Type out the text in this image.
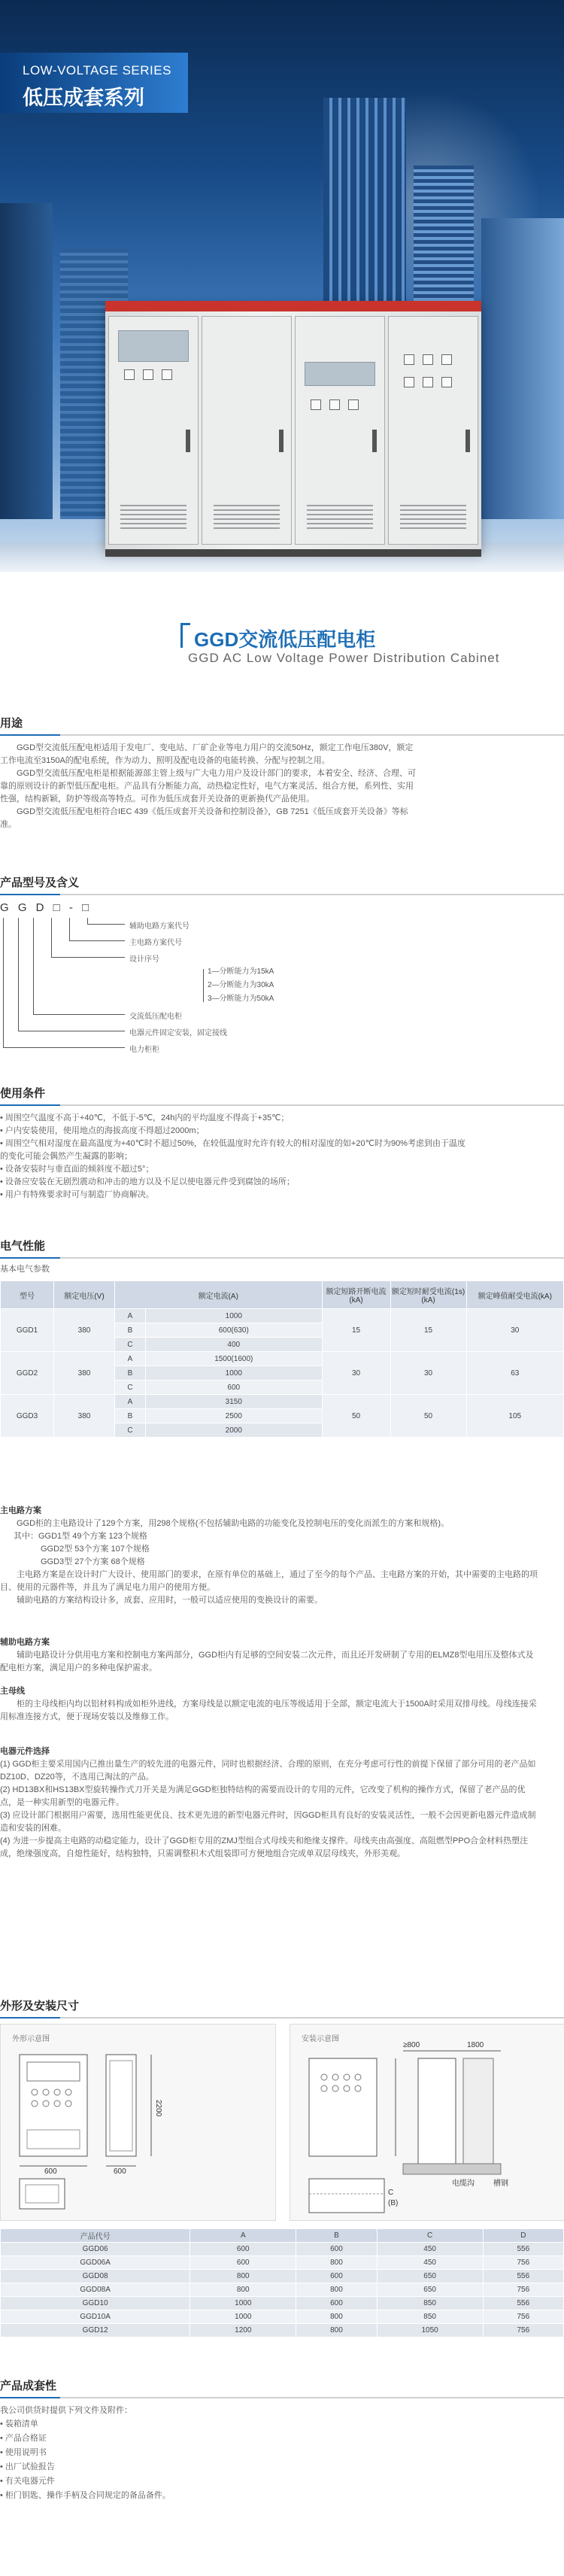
LOW-VOLTAGE SERIES
低压成套系列
GGD交流低压配电柜
GGD AC Low Voltage Power Distribution Cabinet
用途

GGD型交流低压配电柜适用于发电厂、变电站、厂矿企业等电力用户的交流50Hz，额定工作电压380V，额定工作电流至3150A的配电系统，作为动力、照明及配电设备的电能转换、分配与控制之用。

GGD型交流低压配电柜是根据能源部主管上级与广大电力用户及设计部门的要求，本着安全、经济、合理、可靠的原则设计的新型低压配电柜。产品具有分断能力高，动热稳定性好，电气方案灵活、组合方便，系列性、实用性强，结构新颖，防护等级高等特点。可作为低压成套开关设备的更新换代产品使用。

GGD型交流低压配电柜符合IEC 439《低压成套开关设备和控制设备》，GB 7251《低压成套开关设备》等标准。

产品型号及含义
G G D □ - □
辅助电路方案代号
主电路方案代号
设计序号
1—分断能力为15kA
2—分断能力为30kA
3—分断能力为50kA
交流低压配电柜
电器元件固定安装，固定接线
电力柜柜
使用条件
• • 周围空气温度不高于+40℃，不低于-5℃，24h内的平均温度不得高于+35℃；
• • 户内安装使用，使用地点的海拔高度不得超过2000m；
• • 周围空气相对湿度在最高温度为+40℃时不超过50%，在较低温度时允许有较大的相对湿度的如+20℃时为90%考虑到由于温度的变化可能会偶然产生凝露的影响；
• • 设备安装时与垂直面的倾斜度不超过5°；
• • 设备应安装在无剧烈震动和冲击的地方以及不足以使电器元件受到腐蚀的场所；
• • 用户有特殊要求时可与制造厂协商解决。
电气性能
基本电气参数
型号	额定电压(V)	额定电流(A)		额定短路开断电流(kA)	额定短时耐受电流(1s)(kA)	额定峰值耐受电流(kA)
GGD1	380	A	1000	15	15	30
		B	600(630)			
		C	400			
GGD2	380	A	1500(1600)	30	30	63
		B	1000			
		C	600			
GGD3	380	A	3150	50	50	105
		B	2500			
		C	2000			
主电路方案

GGD柜的主电路设计了129个方案，用298个规格(不包括辅助电路的功能变化及控制电压的变化而派生的方案和规格)。

其中：GGD1型 49个方案 123个规格

GGD2型 53个方案 107个规格

GGD3型 27个方案 68个规格

主电路方案是在设计时广大设计、使用部门的要求，在原有单位的基础上，通过了至今的每个产品、主电路方案的开始，其中需要的主电路的项目、使用的元器件等，并且为了满足电力用户的使用方便。

辅助电路的方案结构设计多，成套、应用时，一般可以适应使用的变换设计的需要。

辅助电路方案

辅助电路设计分供用电方案和控制电方案两部分，GGD柜内有足够的空间安装二次元件，而且还开发研制了专用的ELMZ8型电用压及整体式及配电柜方案，满足用户的多种电保护需求。

主母线

柜的主母线柜内均以铝材料构成如柜外进线，方案母线是以额定电流的电压等级适用于全部，额定电流大于1500A时采用双排母线。母线连接采用标准连接方式，便于现场安装以及维修工作。

电器元件选择

(1) GGD柜主要采用国内已推出量生产的较先进的电器元件，同时也根据经济、合理的原则，在充分考虑可行性的前提下保留了部分可用的老产品如DZ10D、DZ20等，不选用已淘汰的产品。

(2) HD13BX和HS13BX型旋转操作式刀开关是为满足GGD柜独特结构的需要而设计的专用的元件，它改变了机构的操作方式，保留了老产品的优点，是一种实用新型的电器元件。

(3) 应设计部门根据用户需要，选用性能更优良、技术更先进的新型电器元件时，因GGD柜具有良好的安装灵活性，一般不会因更新电器元件造成制造和安装的困难。

(4) 为进一步提高主电路的动稳定能力，设计了GGD柜专用的ZMJ型组合式母线夹和绝缘支撑件。母线夹由高强度、高阻燃型PPO合金材料热塑注成，绝缘强度高，自熄性能好，结构独特，只需调整积木式组装即可方便地组合完成单双层母线夹，外形美观。

外形及安装尺寸
外形示意图
600	600
2200
安装示意图
≥800	1800
C
(B)
电缆沟	槽钢
产品代号	A	B	C	D
GGD06	600	600	450	556
GGD06A	600	800	450	756
GGD08	800	600	650	556
GGD08A	800	800	650	756
GGD10	1000	600	850	556
GGD10A	1000	800	850	756
GGD12	1200	800	1050	756
产品成套性

我公司供货时提供下列文件及附件：

• 装箱清单
• 产品合格证
• 使用说明书
• 出厂试验报告
• 有关电器元件
• 柜门钥匙、操作手柄及合同规定的备品备件。
